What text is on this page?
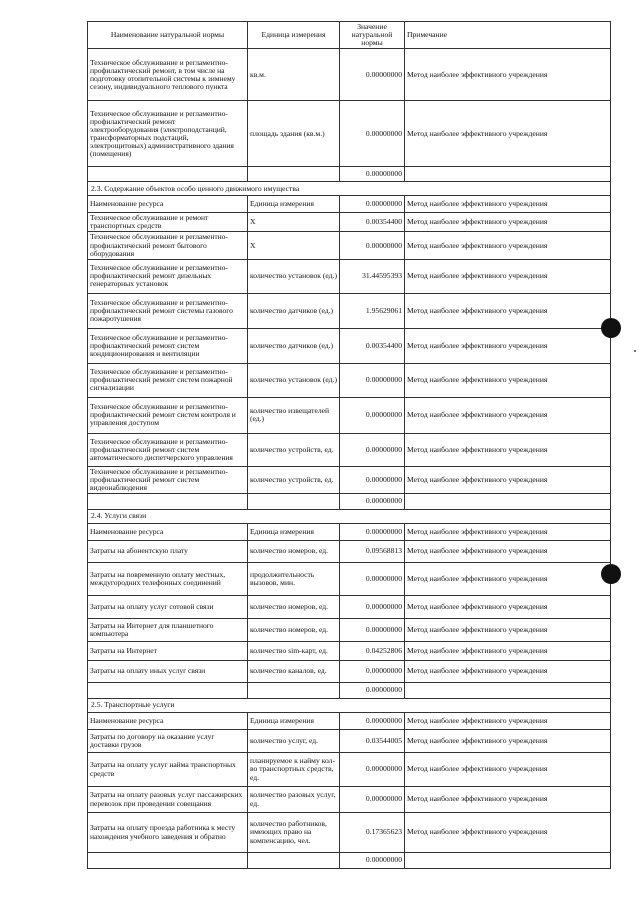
Наименование натуральной нормы	Единица измерения	Значение натуральной нормы	Примечание
Техническое обслуживание и регламентно-профилактический ремонт, в том числе на подготовку отопительной системы к зимнему сезону, индивидуального теплового пункта	кв.м.	0.00000000	Метод наиболее эффективного учреждения
Техническое обслуживание и регламентно-профилактический ремонт электрооборудования (электроподстанций, трансформаторных подстаций, электрощитовых) административного здания (помещения)	площадь здания (кв.м.)	0.00000000	Метод наиболее эффективного учреждения
		0.00000000	
2.3. Содержание объектов особо ценного движимого имущества			
Наименование ресурса	Единица измерения	0.00000000	Метод наиболее эффективного учреждения
Техническое обслуживание и ремонт транспортных средств	Х	0.00354400	Метод наиболее эффективного учреждения
Техническое обслуживание и регламентно-профилактический ремонт бытового оборудования	Х	0.00000000	Метод наиболее эффективного учреждения
Техническое обслуживание и регламентно-профилактический ремонт дизельных генераторных установок	количество установок (ед.)	31.44595393	Метод наиболее эффективного учреждения
Техническое обслуживание и регламентно-профилактический ремонт системы газового пожаротушения	количество датчиков (ед.)	1.95629061	Метод наиболее эффективного учреждения
Техническое обслуживание и регламентно-профилактический ремонт систем кондиционирования и вентиляции	количество датчиков (ед.)	0.00354400	Метод наиболее эффективного учреждения
Техническое обслуживание и регламентно-профилактический ремонт систем пожарной сигнализации	количество установок (ед.)	0.00000000	Метод наиболее эффективного учреждения
Техническое обслуживание и регламентно-профилактический ремонт систем контроля и управления доступом	количество извещателей (ед.)	0.00000000	Метод наиболее эффективного учреждения
Техническое обслуживание и регламентно-профилактический ремонт систем автоматического диспетчерского управления	количество устройств, ед.	0.00000000	Метод наиболее эффективного учреждения
Техническое обслуживание и регламентно-профилактический ремонт систем видеонаблюдения	количество устройств, ед.	0.00000000	Метод наиболее эффективного учреждения
		0.00000000	
2.4. Услуги связи			
Наименование ресурса	Единица измерения	0.00000000	Метод наиболее эффективного учреждения
Затраты на абонентскую плату	количество номеров, ед.	0.09568813	Метод наиболее эффективного учреждения
Затраты на повременную оплату местных, междугородних телефонных соединений	продолжительность вызовов, мин.	0.00000000	Метод наиболее эффективного учреждения
Затраты на оплату услуг сотовой связи	количество номеров, ед.	0.00000000	Метод наиболее эффективного учреждения
Затраты на Интернет для планшетного компьютера	количество номеров, ед.	0.00000000	Метод наиболее эффективного учреждения
Затраты на Интернет	количество sim-карт, ед.	0.04252806	Метод наиболее эффективного учреждения
Затраты на оплату иных услуг связи	количество каналов, ед.	0.00000000	Метод наиболее эффективного учреждения
		0.00000000	
2.5. Транспортные услуги			
Наименование ресурса	Единица измерения	0.00000000	Метод наиболее эффективного учреждения
Затраты по договору на оказание услуг доставки грузов	количество услуг, ед.	0.03544005	Метод наиболее эффективного учреждения
Затраты на оплату услуг найма транспортных средств	планируемое к найму кол-во транспортных средств, ед.	0.00000000	Метод наиболее эффективного учреждения
Затраты на оплату разовых услуг пассажирских перевозок при проведении совещания	количество разовых услуг, ед.	0.00000000	Метод наиболее эффективного учреждения
Затраты на оплату проезда работника к месту нахождения учебного заведения и обратно	количество работников, имеющих право на компенсацию, чел.	0.17365623	Метод наиболее эффективного учреждения
		0.00000000	
